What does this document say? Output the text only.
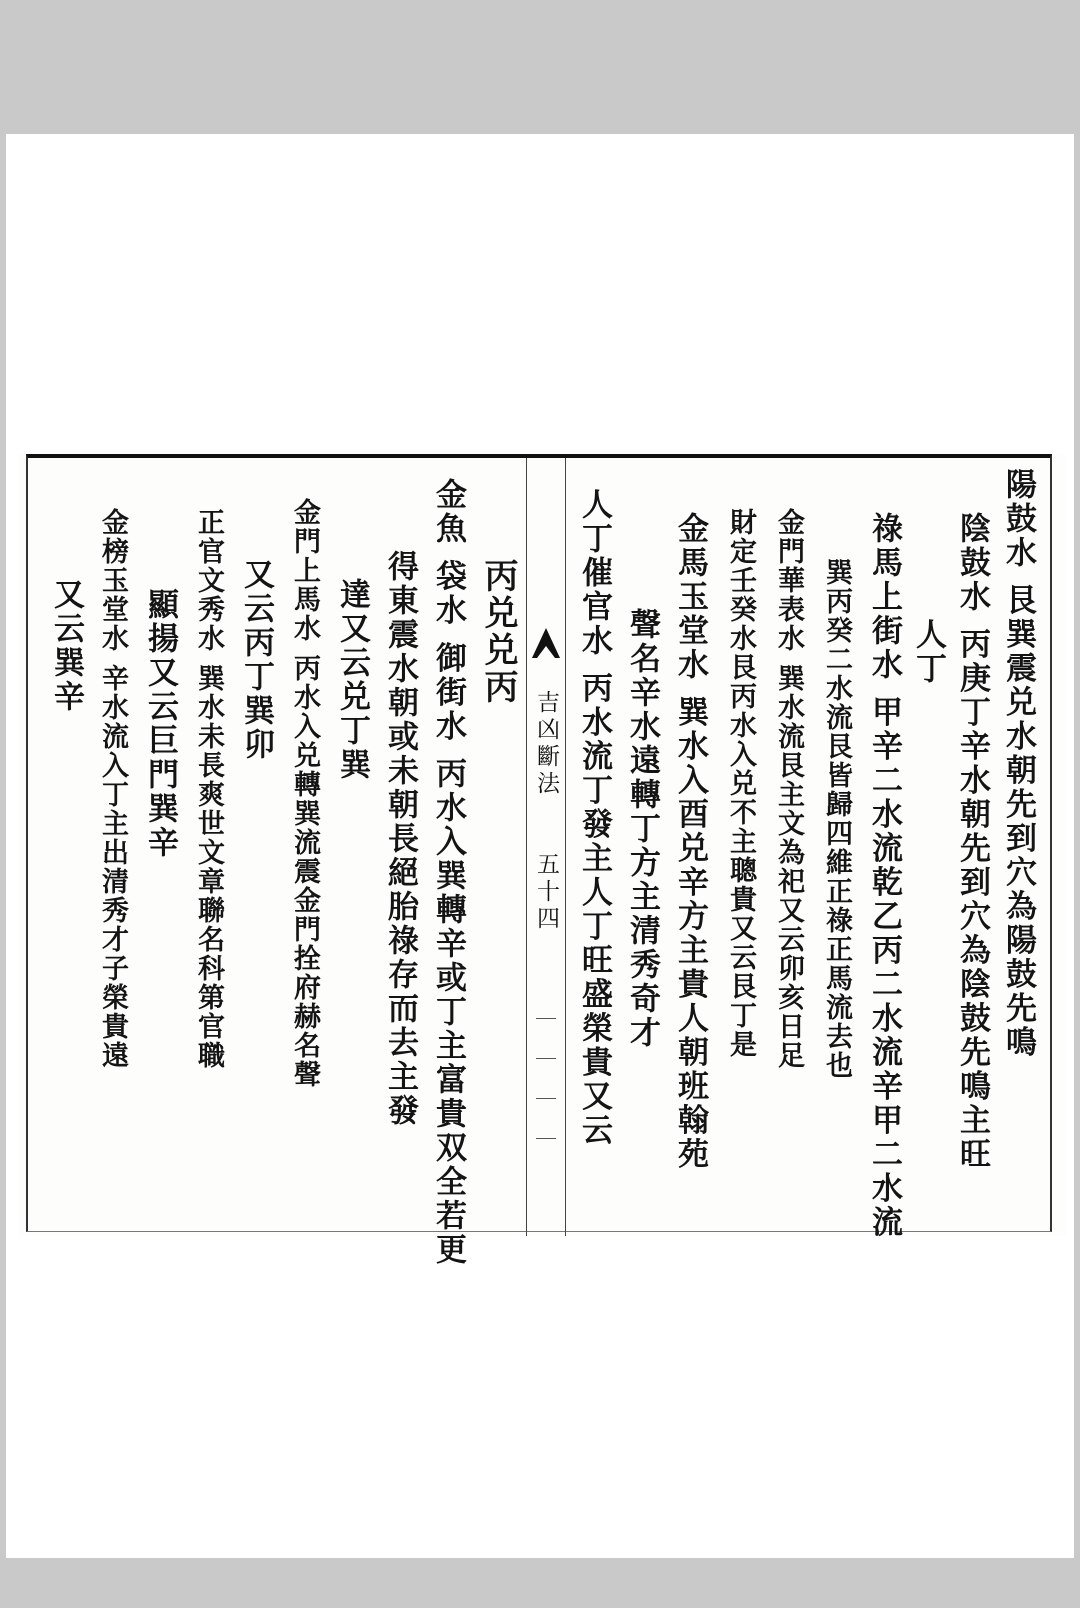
陽鼓水 艮巽震兑水朝先到穴為陽鼓先鳴
陰鼓水 丙庚丁辛水朝先到穴為陰鼓先鳴主旺
人丁
祿馬上街水 甲辛二水流乾乙丙二水流辛甲二水流
巽丙癸二水流艮皆歸四維正祿正馬流去也
金門華表水 巽水流艮主文為祀又云卯亥日足
財定壬癸水艮丙水入兑不主聰貴又云艮丁是
金馬玉堂水 巽水入酉兑辛方主貴人朝班翰苑
聲名辛水遠轉丁方主清秀奇才
人丁催官水 丙水流丁發主人丁旺盛榮貴又云
吉凶斷法
五十四
丙兑兑丙
金魚 袋水 御街水 丙水入巽轉辛或丁主富貴双全若更
得東震水朝或未朝長絕胎祿存而去主發
達又云兑丁巽
金門上馬水 丙水入兑轉巽流震金門拴府赫名聲
又云丙丁巽卯
正官文秀水 巽水未長爽世文章聯名科第官職
顯揚又云巨門巽辛
金榜玉堂水 辛水流入丁主出清秀才子榮貴遠
又云巽辛
